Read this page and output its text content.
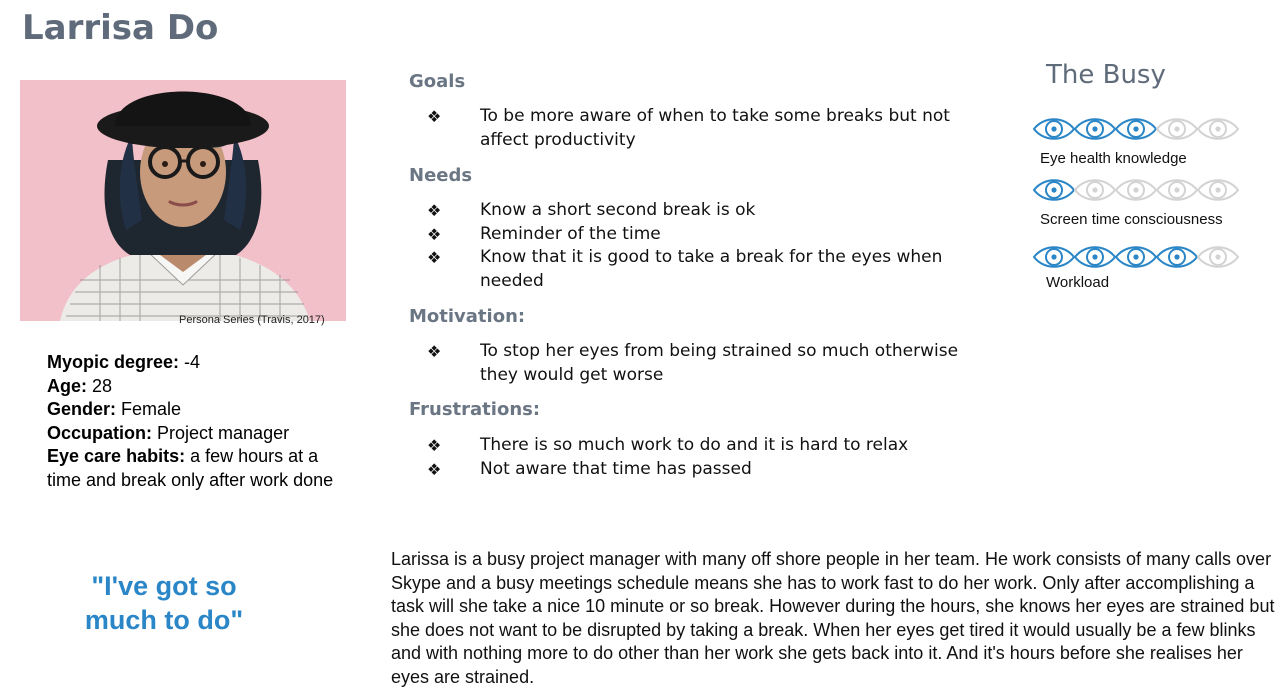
Larrisa Do
Persona Series (Travis, 2017)

Myopic degree: -4

Age: 28

Gender: Female

Occupation: Project manager

Eye care habits: a few hours at a time and break only after work done

"I've got so much to do"
Goals
❖ To be more aware of when to take some breaks but not affect productivity
Needs
❖ Know a short second break is ok
❖ Reminder of the time
❖ Know that it is good to take a break for the eyes when needed
Motivation:
❖ To stop her eyes from being strained so much otherwise they would get worse
Frustrations:
❖ There is so much work to do and it is hard to relax
❖ Not aware that time has passed
The Busy
Eye health knowledge
Screen time consciousness
Workload
Larissa is a busy project manager with many off shore people in her team. He work consists of many calls over Skype and a busy meetings schedule means she has to work fast to do her work. Only after accomplishing a task will she take a nice 10 minute or so break. However during the hours, she knows her eyes are strained but she does not want to be disrupted by taking a break. When her eyes get tired it would usually be a few blinks and with nothing more to do other than her work she gets back into it. And it's hours before she realises her eyes are strained.
